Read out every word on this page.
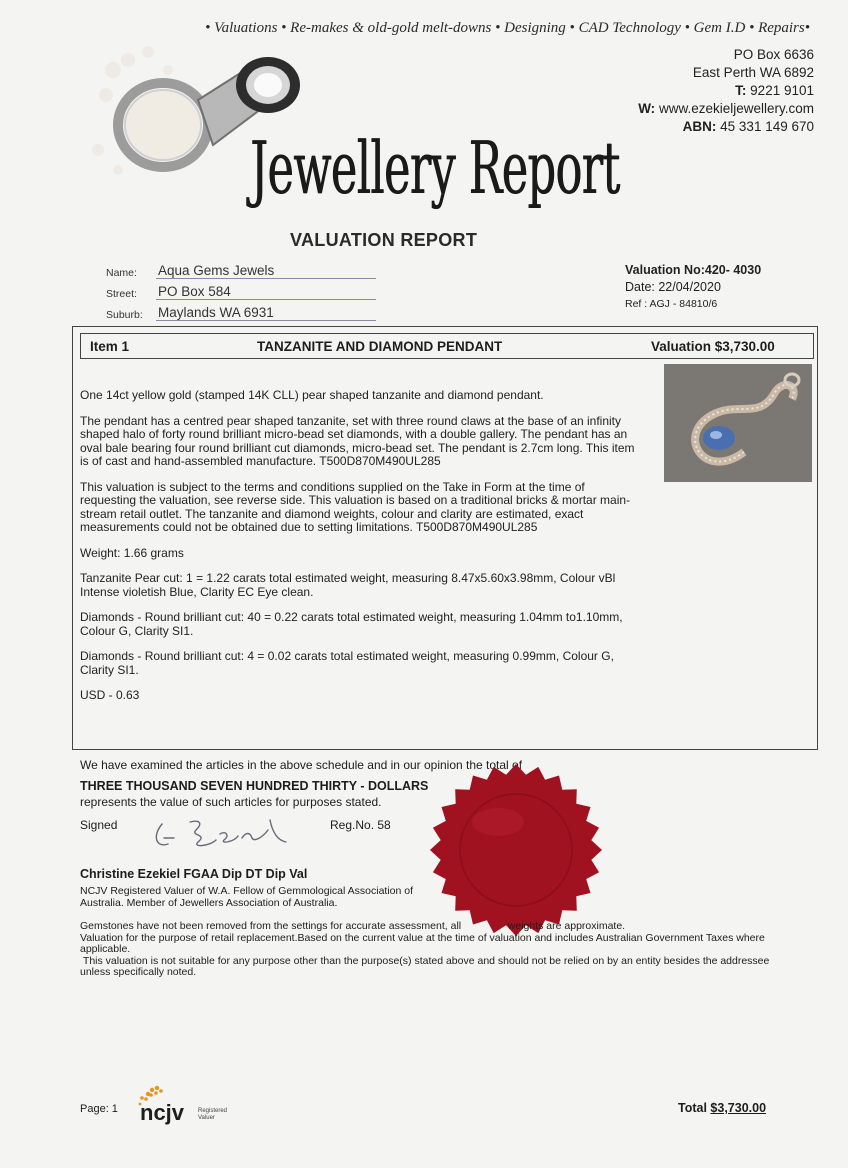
• Valuations • Re-makes & old-gold melt-downs • Designing • CAD Technology • Gem I.D • Repairs•
PO Box 6636
East Perth WA 6892
T: 9221 9101
W: www.ezekieljewellery.com
ABN: 45 331 149 670
Jewellery Report
VALUATION REPORT
Name:	Aqua Gems Jewels
Street:	PO Box 584
Suburb:	Maylands WA 6931
Valuation No:420- 4030
Date: 22/04/2020
Ref : AGJ - 84810/6
Item 1	TANZANITE AND DIAMOND PENDANT	Valuation $3,730.00

One 14ct yellow gold (stamped 14K CLL) pear shaped tanzanite and diamond pendant.

The pendant has a centred pear shaped tanzanite, set with three round claws at the base of an infinity shaped halo of forty round brilliant micro-bead set diamonds, with a double gallery. The pendant has an oval bale bearing four round brilliant cut diamonds, micro-bead set. The pendant is 2.7cm long. This item is of cast and hand-assembled manufacture. T500D870M490UL285

This valuation is subject to the terms and conditions supplied on the Take in Form at the time of requesting the valuation, see reverse side. This valuation is based on a traditional bricks & mortar main-stream retail outlet. The tanzanite and diamond weights, colour and clarity are estimated, exact measurements could not be obtained due to setting limitations. T500D870M490UL285

Weight: 1.66 grams

Tanzanite Pear cut: 1 = 1.22 carats total estimated weight, measuring 8.47x5.60x3.98mm, Colour vBl Intense violetish Blue, Clarity EC Eye clean.

Diamonds - Round brilliant cut: 40 = 0.22 carats total estimated weight, measuring 1.04mm to1.10mm, Colour G, Clarity SI1.

Diamonds - Round brilliant cut: 4 = 0.02 carats total estimated weight, measuring 0.99mm, Colour G, Clarity SI1.

USD - 0.63

We have examined the articles in the above schedule and in our opinion the total of
THREE THOUSAND SEVEN HUNDRED THIRTY - DOLLARS
represents the value of such articles for purposes stated.
Signed	Reg.No. 58
Christine Ezekiel FGAA Dip DT Dip Val
NCJV Registered Valuer of W.A. Fellow of Gemmological Association of Australia. Member of Jewellers Association of Australia.
Gemstones have not been removed from the settings for accurate assessment, all                weights are approximate.
Valuation for the purpose of retail replacement.Based on the current value at the time of valuation and includes Australian Government Taxes where applicable.
This valuation is not suitable for any purpose other than the purpose(s) stated above and should not be relied on by an entity besides the addressee unless specifically noted.
Page: 1 ncjv Registered
Valuer
Total $3,730.00
